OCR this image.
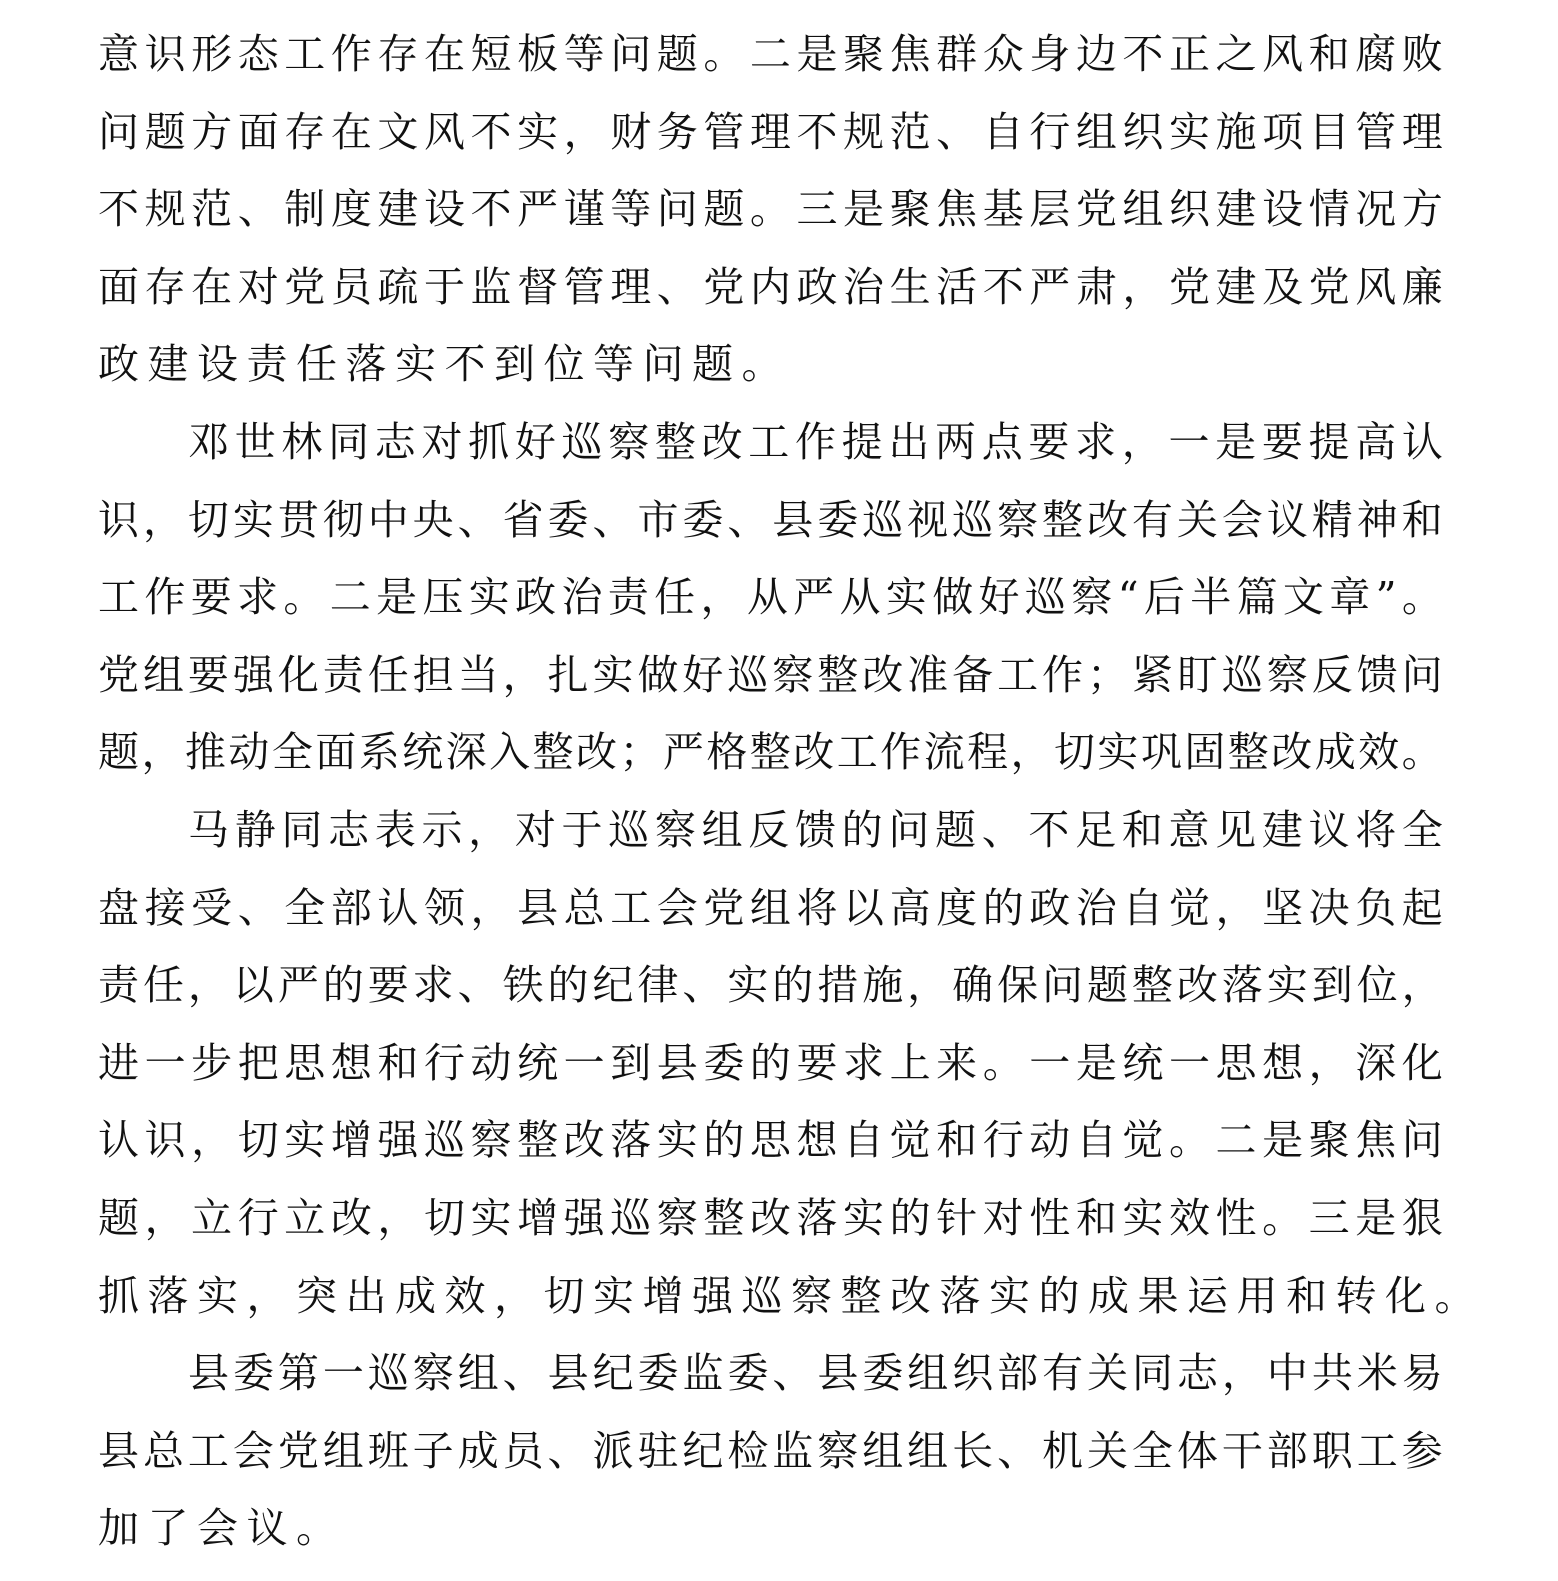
意 识 形 态 工 作 存 在 短 板 等 问 题 。 二 是 聚 焦 群 众 身 边 不 正 之 风 和 腐 败
问 题 方 面 存 在 文 风 不 实 ， 财 务 管 理 不 规 范 、 自 行 组 织 实 施 项 目 管 理
不 规 范 、 制 度 建 设 不 严 谨 等 问 题 。 三 是 聚 焦 基 层 党 组 织 建 设 情 况 方
面 存 在 对 党 员 疏 于 监 督 管 理 、 党 内 政 治 生 活 不 严 肃 ， 党 建 及 党 风 廉
政 建 设 责 任 落 实 不 到 位 等 问 题 。
邓 世 林 同 志 对 抓 好 巡 察 整 改 工 作 提 出 两 点 要 求 ， 一 是 要 提 高 认
识 ， 切 实 贯 彻 中 央 、 省 委 、 市 委 、 县 委 巡 视 巡 察 整 改 有 关 会 议 精 神 和
工 作 要 求 。 二 是 压 实 政 治 责 任 ， 从 严 从 实 做 好 巡 察 “ 后 半 篇 文 章 ” 。
党 组 要 强 化 责 任 担 当 ， 扎 实 做 好 巡 察 整 改 准 备 工 作 ； 紧 盯 巡 察 反 馈 问
题 ， 推 动 全 面 系 统 深 入 整 改 ； 严 格 整 改 工 作 流 程 ， 切 实 巩 固 整 改 成 效 。
马 静 同 志 表 示 ， 对 于 巡 察 组 反 馈 的 问 题 、 不 足 和 意 见 建 议 将 全
盘 接 受 、 全 部 认 领 ， 县 总 工 会 党 组 将 以 高 度 的 政 治 自 觉 ， 坚 决 负 起
责 任 ， 以 严 的 要 求 、 铁 的 纪 律 、 实 的 措 施 ， 确 保 问 题 整 改 落 实 到 位 ，
进 一 步 把 思 想 和 行 动 统 一 到 县 委 的 要 求 上 来 。 一 是 统 一 思 想 ， 深 化
认 识 ， 切 实 增 强 巡 察 整 改 落 实 的 思 想 自 觉 和 行 动 自 觉 。 二 是 聚 焦 问
题 ， 立 行 立 改 ， 切 实 增 强 巡 察 整 改 落 实 的 针 对 性 和 实 效 性 。 三 是 狠
抓 落 实 ， 突 出 成 效 ， 切 实 增 强 巡 察 整 改 落 实 的 成 果 运 用 和 转 化 。
县 委 第 一 巡 察 组 、 县 纪 委 监 委 、 县 委 组 织 部 有 关 同 志 ， 中 共 米 易
县 总 工 会 党 组 班 子 成 员 、 派 驻 纪 检 监 察 组 组 长 、 机 关 全 体 干 部 职 工 参
加 了 会 议 。
